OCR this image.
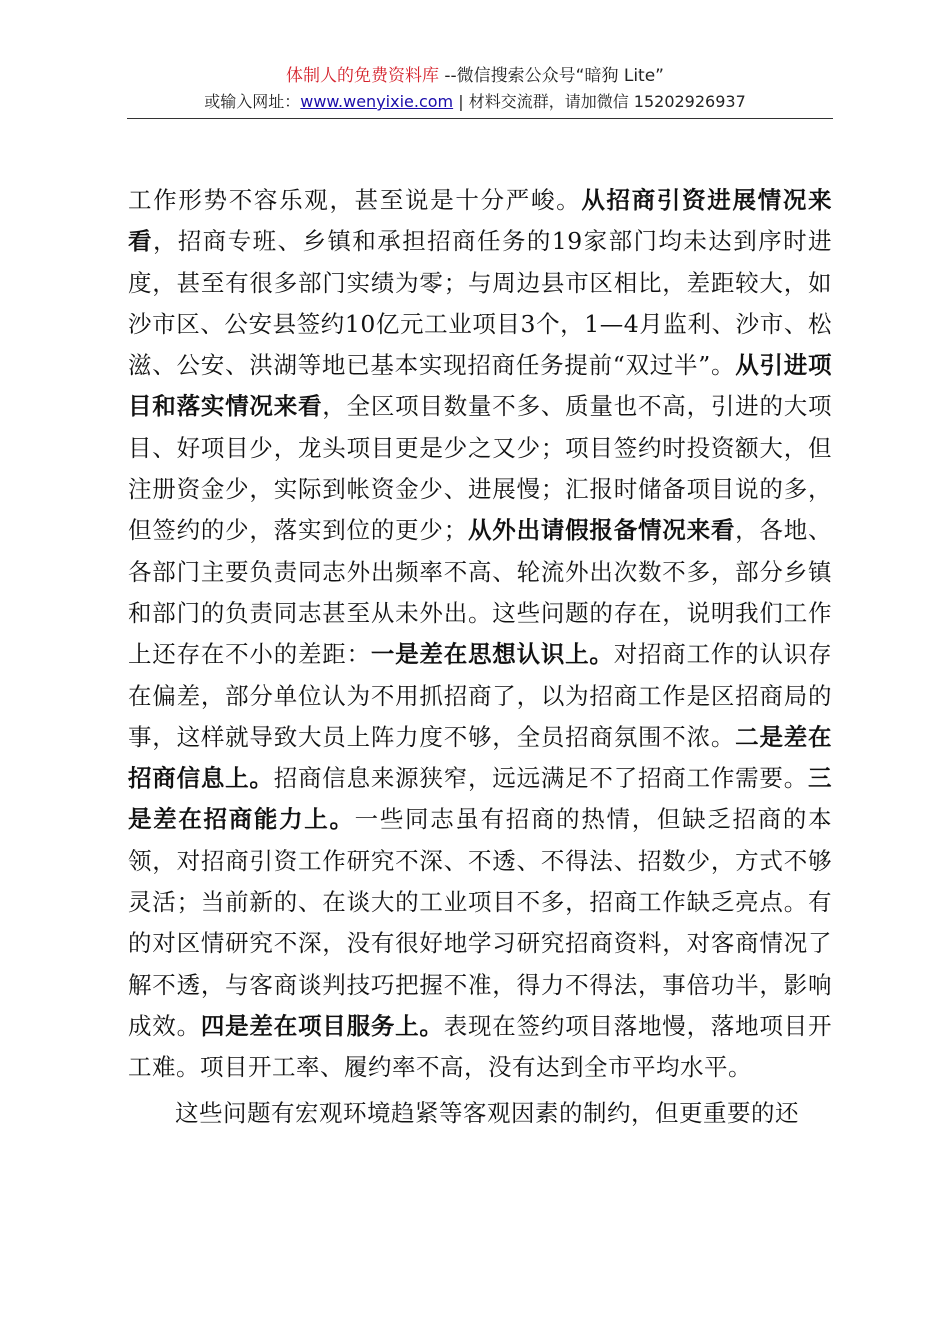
体制人的免费资料库 --微信搜索公众号“暗狗 Lite”
或输入网址：www.wenyixie.com | 材料交流群，请加微信 15202926937

工作形势不容乐观，甚至说是十分严峻。从招商引资进展情况来看，招商专班、乡镇和承担招商任务的19家部门均未达到序时进度，甚至有很多部门实绩为零；与周边县市区相比，差距较大，如沙市区、公安县签约10亿元工业项目3个，1—4月监利、沙市、松滋、公安、洪湖等地已基本实现招商任务提前“双过半”。从引进项目和落实情况来看，全区项目数量不多、质量也不高，引进的大项目、好项目少，龙头项目更是少之又少；项目签约时投资额大，但注册资金少，实际到帐资金少、进展慢；汇报时储备项目说的多，但签约的少，落实到位的更少；从外出请假报备情况来看，各地、各部门主要负责同志外出频率不高、轮流外出次数不多，部分乡镇和部门的负责同志甚至从未外出。这些问题的存在，说明我们工作上还存在不小的差距：一是差在思想认识上。对招商工作的认识存在偏差，部分单位认为不用抓招商了，以为招商工作是区招商局的事，这样就导致大员上阵力度不够，全员招商氛围不浓。二是差在招商信息上。招商信息来源狭窄，远远满足不了招商工作需要。三是差在招商能力上。一些同志虽有招商的热情，但缺乏招商的本领，对招商引资工作研究不深、不透、不得法、招数少，方式不够灵活；当前新的、在谈大的工业项目不多，招商工作缺乏亮点。有的对区情研究不深，没有很好地学习研究招商资料，对客商情况了解不透，与客商谈判技巧把握不准，得力不得法，事倍功半，影响成效。四是差在项目服务上。表现在签约项目落地慢，落地项目开工难。项目开工率、履约率不高，没有达到全市平均水平。

这些问题有宏观环境趋紧等客观因素的制约，但更重要的还
